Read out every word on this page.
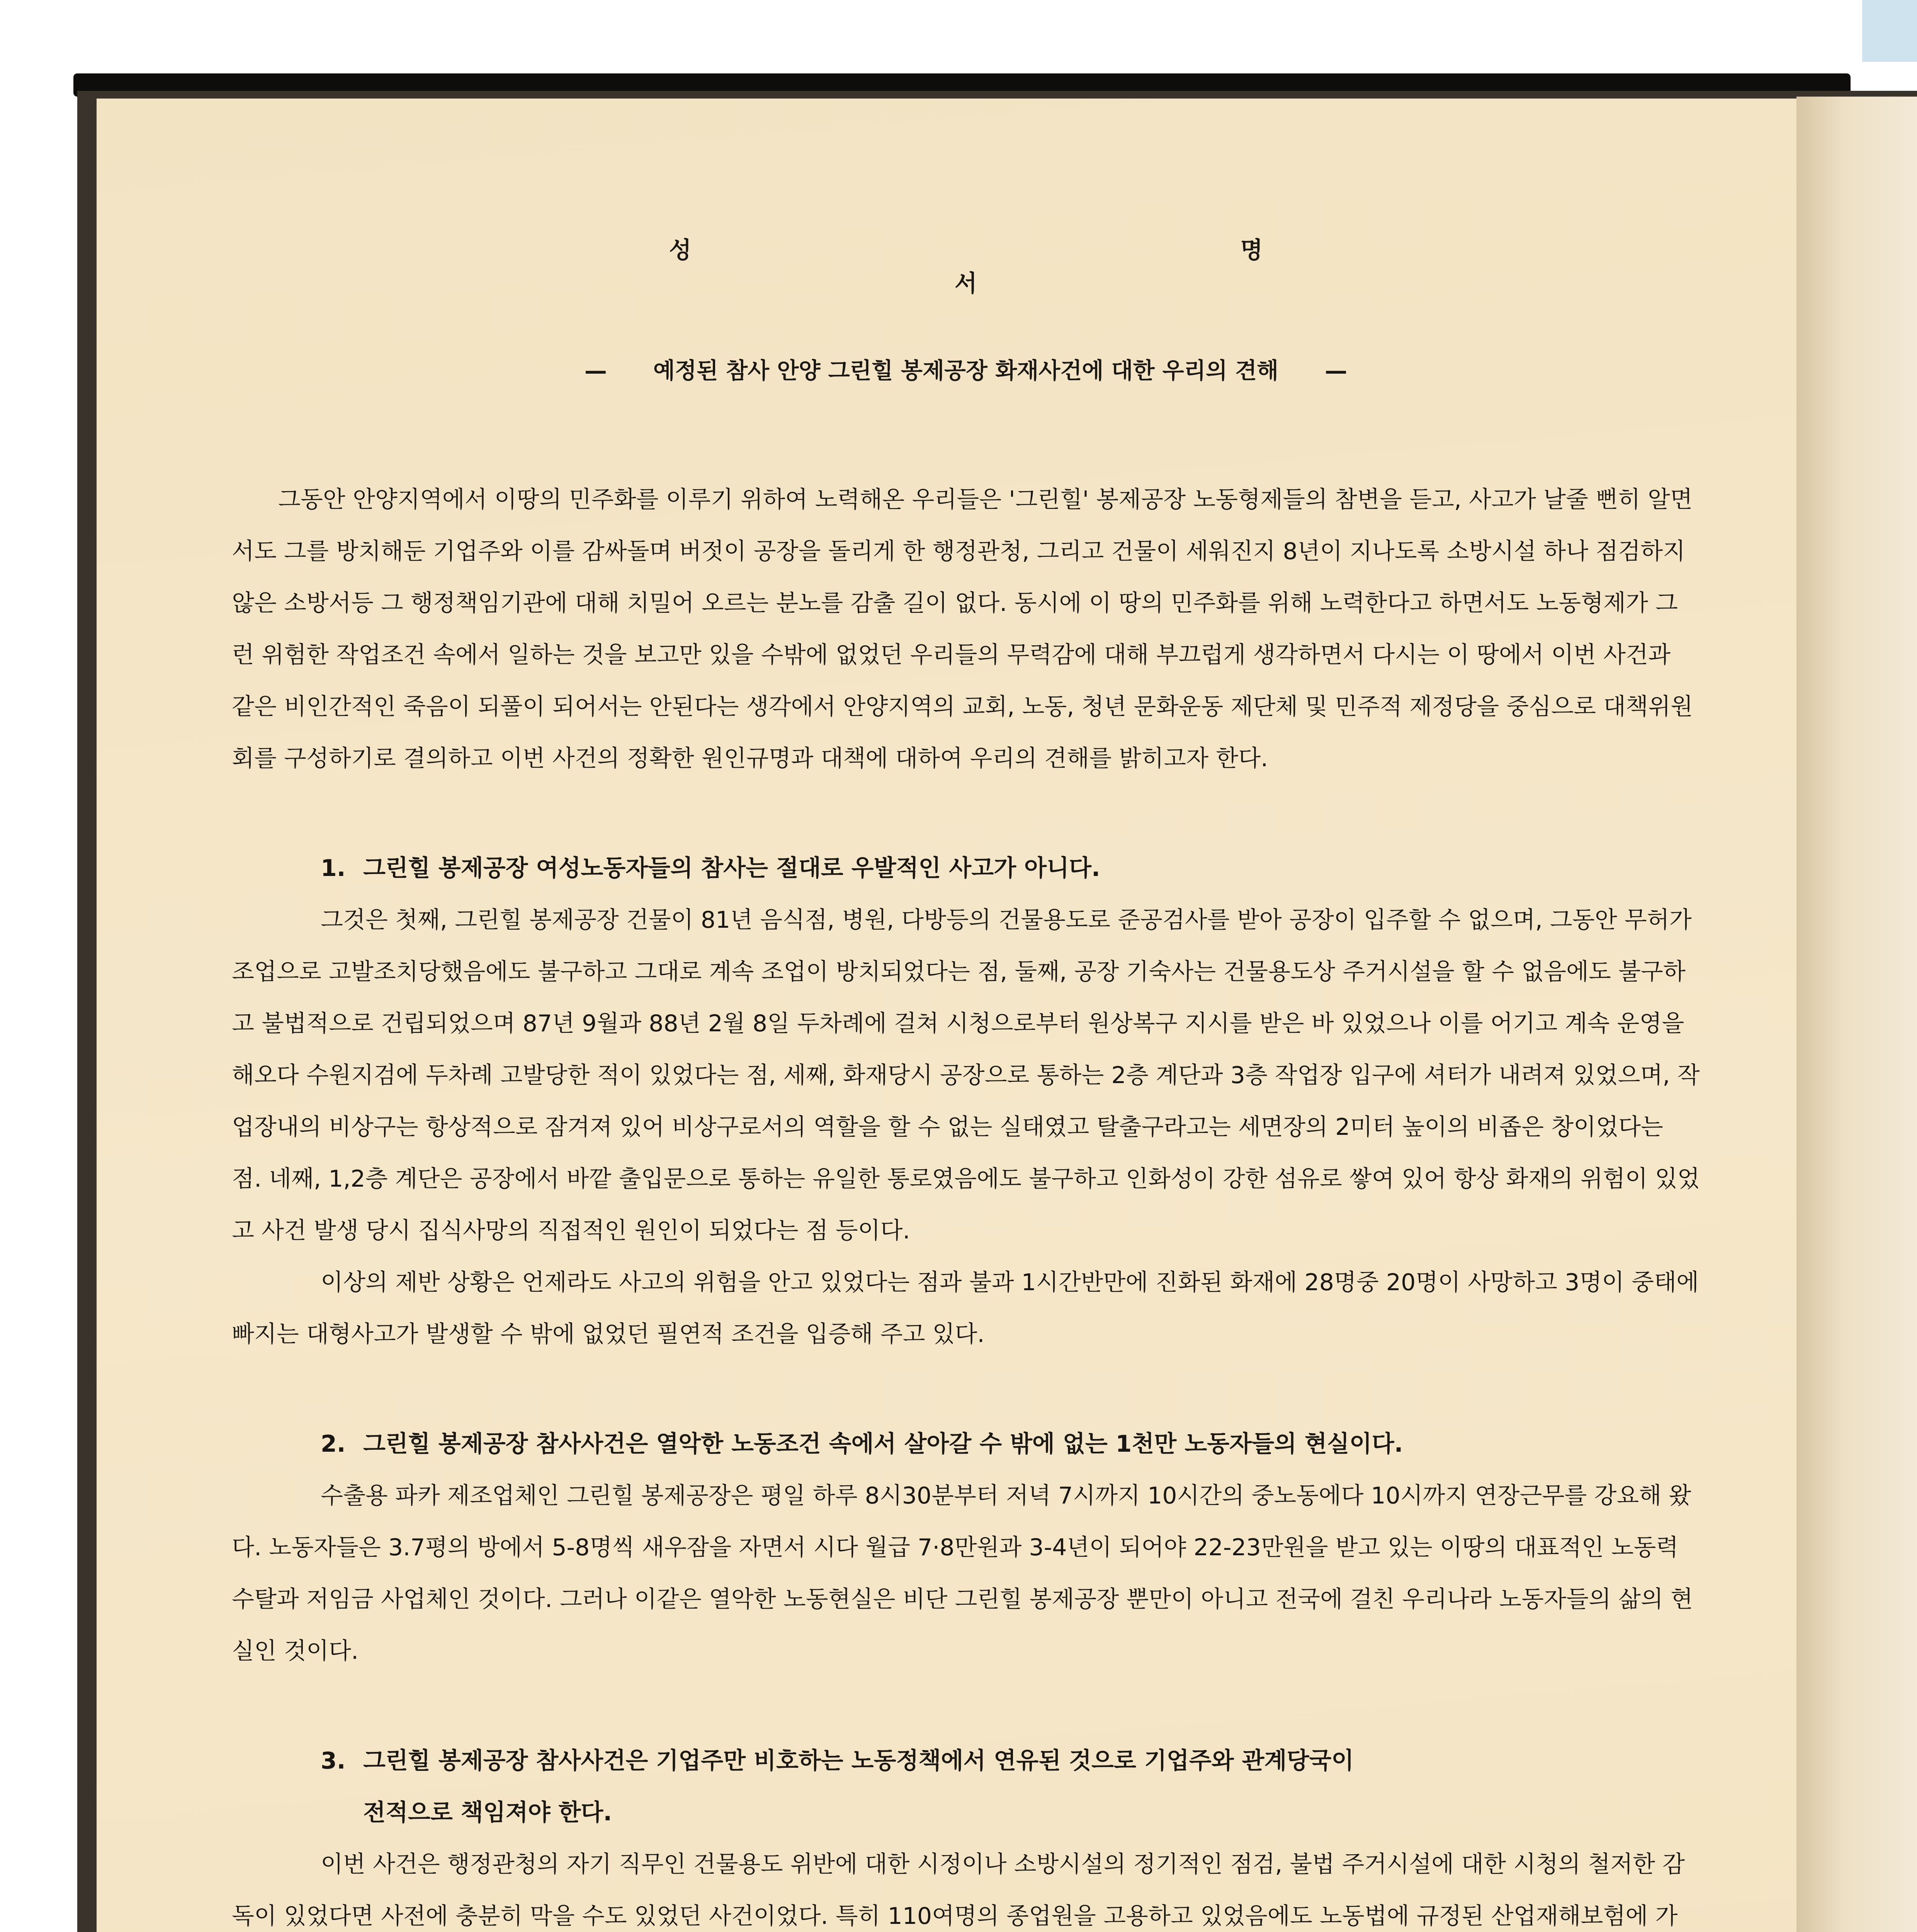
성 명 서
— 예정된 참사 안양 그린힐 봉제공장 화재사건에 대한 우리의 견해 —

그동안 안양지역에서 이땅의 민주화를 이루기 위하여 노력해온 우리들은 '그린힐' 봉제공장 노동형제들의 참변을 듣고, 사고가 날줄 뻔히 알면서도 그를 방치해둔 기업주와 이를 감싸돌며 버젓이 공장을 돌리게 한 행정관청, 그리고 건물이 세워진지 8년이 지나도록 소방시설 하나 점검하지 않은 소방서등 그 행정책임기관에 대해 치밀어 오르는 분노를 감출 길이 없다. 동시에 이 땅의 민주화를 위해 노력한다고 하면서도 노동형제가 그런 위험한 작업조건 속에서 일하는 것을 보고만 있을 수밖에 없었던 우리들의 무력감에 대해 부끄럽게 생각하면서 다시는 이 땅에서 이번 사건과 같은 비인간적인 죽음이 되풀이 되어서는 안된다는 생각에서 안양지역의 교회, 노동, 청년 문화운동 제단체 및 민주적 제정당을 중심으로 대책위원회를 구성하기로 결의하고 이번 사건의 정확한 원인규명과 대책에 대하여 우리의 견해를 밝히고자 한다.

1. 그린힐 봉제공장 여성노동자들의 참사는 절대로 우발적인 사고가 아니다.

그것은 첫째, 그린힐 봉제공장 건물이 81년 음식점, 병원, 다방등의 건물용도로 준공검사를 받아 공장이 입주할 수 없으며, 그동안 무허가 조업으로 고발조치당했음에도 불구하고 그대로 계속 조업이 방치되었다는 점, 둘째, 공장 기숙사는 건물용도상 주거시설을 할 수 없음에도 불구하고 불법적으로 건립되었으며 87년 9월과 88년 2월 8일 두차례에 걸쳐 시청으로부터 원상복구 지시를 받은 바 있었으나 이를 어기고 계속 운영을 해오다 수원지검에 두차례 고발당한 적이 있었다는 점, 세째, 화재당시 공장으로 통하는 2층 계단과 3층 작업장 입구에 셔터가 내려져 있었으며, 작업장내의 비상구는 항상적으로 잠겨져 있어 비상구로서의 역할을 할 수 없는 실태였고 탈출구라고는 세면장의 2미터 높이의 비좁은 창이었다는 점. 네째, 1,2층 계단은 공장에서 바깥 출입문으로 통하는 유일한 통로였음에도 불구하고 인화성이 강한 섬유로 쌓여 있어 항상 화재의 위험이 있었고 사건 발생 당시 집식사망의 직접적인 원인이 되었다는 점 등이다.

이상의 제반 상황은 언제라도 사고의 위험을 안고 있었다는 점과 불과 1시간반만에 진화된 화재에 28명중 20명이 사망하고 3명이 중태에 빠지는 대형사고가 발생할 수 밖에 없었던 필연적 조건을 입증해 주고 있다.

2. 그린힐 봉제공장 참사사건은 열악한 노동조건 속에서 살아갈 수 밖에 없는 1천만 노동자들의 현실이다.

수출용 파카 제조업체인 그린힐 봉제공장은 평일 하루 8시30분부터 저녁 7시까지 10시간의 중노동에다 10시까지 연장근무를 강요해 왔다. 노동자들은 3.7평의 방에서 5-8명씩 새우잠을 자면서 시다 월급 7·8만원과 3-4년이 되어야 22-23만원을 받고 있는 이땅의 대표적인 노동력 수탈과 저임금 사업체인 것이다. 그러나 이같은 열악한 노동현실은 비단 그린힐 봉제공장 뿐만이 아니고 전국에 걸친 우리나라 노동자들의 삶의 현실인 것이다.

3. 그린힐 봉제공장 참사사건은 기업주만 비호하는 노동정책에서 연유된 것으로 기업주와 관계당국이
전적으로 책임져야 한다.

이번 사건은 행정관청의 자기 직무인 건물용도 위반에 대한 시정이나 소방시설의 정기적인 점검, 불법 주거시설에 대한 시청의 철저한 감독이 있었다면 사전에 충분히 막을 수도 있었던 사건이었다. 특히 110여명의 종업원을 고용하고 있었음에도 노동법에 규정된 산업재해보험에 가
